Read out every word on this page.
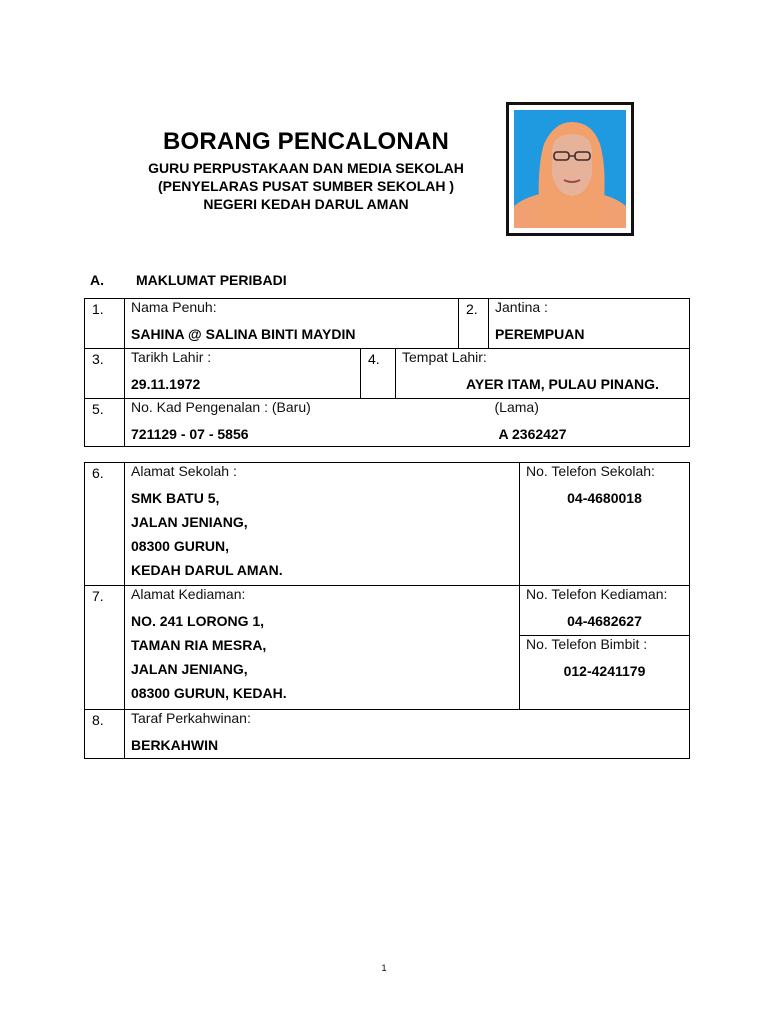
BORANG PENCALONAN
GURU PERPUSTAKAAN DAN MEDIA SEKOLAH
(PENYELARAS PUSAT SUMBER SEKOLAH )
NEGERI KEDAH DARUL AMAN
A. MAKLUMAT PERIBADI
1.	Nama Penuh:
SAHINA @ SALINA BINTI MAYDIN			2.	Jantina :
PEREMPUAN

3.	Tarikh Lahir :
29.11.1972	4.	Tempat Lahir:
AYER ITAM, PULAU PINANG.		

5.	No. Kad Pengenalan : (Baru)
721129 - 07 - 5856				(Lama)
A 2362427
6.	Alamat Sekolah :
SMK BATU 5,
JALAN JENIANG,
08300 GURUN,
KEDAH DARUL AMAN.	No. Telefon Sekolah:
04-4680018

7.	Alamat Kediaman:
NO. 241 LORONG 1,
TAMAN RIA MESRA,
JALAN JENIANG,
08300 GURUN, KEDAH.	No. Telefon Kediaman:
04-4682627

		No. Telefon Bimbit :
012-4241179

8.	Taraf Perkahwinan:
BERKAHWIN	
1
